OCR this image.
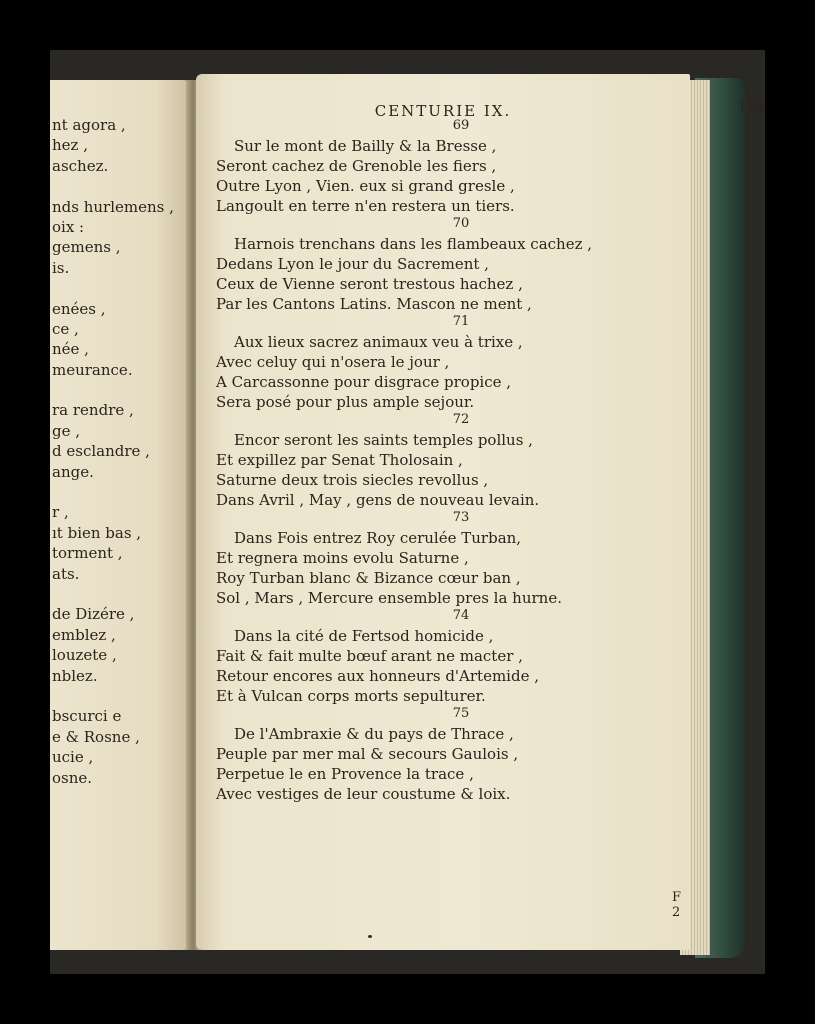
nt agora ,
hez ,
aschez.
nds hurlemens ,
oix :
gemens ,
is.
enées ,
ce ,
née ,
meurance.
ra rendre ,
ge ,
d esclandre ,
ange.
r ,
ıt bien bas ,
torment ,
ats.
de Dizére ,
emblez ,
louzete ,
nblez.
bscurci e
e & Rosne ,
ucie ,
osne.
CENTURIE IX.	123
F 2
69
Sur le mont de Bailly & la Bresse ,
Seront cachez de Grenoble les fiers ,
Outre Lyon , Vien. eux si grand gresle ,
Langoult en terre n'en restera un tiers.
70
Harnois trenchans dans les flambeaux cachez ,
Dedans Lyon le jour du Sacrement ,
Ceux de Vienne seront trestous hachez ,
Par les Cantons Latins. Mascon ne ment ,
71
Aux lieux sacrez animaux veu à trixe ,
Avec celuy qui n'osera le jour ,
A Carcassonne pour disgrace propice ,
Sera posé pour plus ample sejour.
72
Encor seront les saints temples pollus ,
Et expillez par Senat Tholosain ,
Saturne deux trois siecles revollus ,
Dans Avril , May , gens de nouveau levain.
73
Dans Fois entrez Roy cerulée Turban,
Et regnera moins evolu Saturne ,
Roy Turban blanc & Bizance cœur ban ,
Sol , Mars , Mercure ensemble pres la hurne.
74
Dans la cité de Fertsod homicide ,
Fait & fait multe bœuf arant ne macter ,
Retour encores aux honneurs d'Artemide ,
Et à Vulcan corps morts sepulturer.
75
De l'Ambraxie & du pays de Thrace ,
Peuple par mer mal & secours Gaulois ,
Perpetue le en Provence la trace ,
Avec vestiges de leur coustume & loix.
